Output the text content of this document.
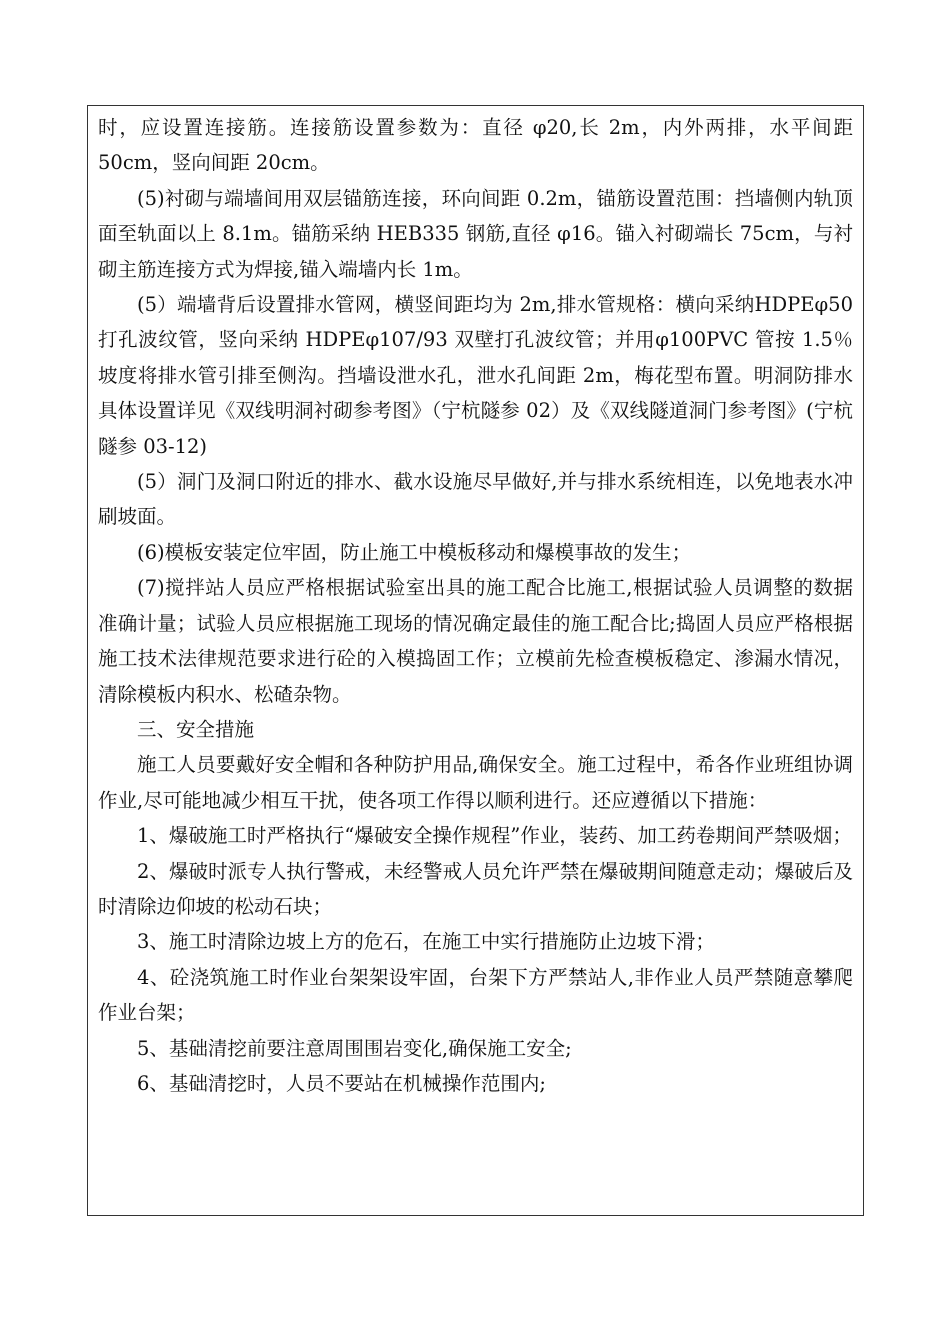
时，应设置连接筋。连接筋设置参数为：直径 φ20,长 2m，内外两排，水平间距 50cm，竖向间距 20cm。

(5)衬砌与端墙间用双层锚筋连接，环向间距 0.2m，锚筋设置范围：挡墙侧内轨顶面至轨面以上 8.1m。锚筋采纳 HEB335 钢筋,直径 φ16。锚入衬砌端长 75cm，与衬砌主筋连接方式为焊接,锚入端墙内长 1m。

(5）端墙背后设置排水管网，横竖间距均为 2m,排水管规格：横向采纳HDPEφ50 打孔波纹管，竖向采纳 HDPEφ107/93 双壁打孔波纹管；并用φ100PVC 管按 1.5％坡度将排水管引排至侧沟。挡墙设泄水孔，泄水孔间距 2m，梅花型布置。明洞防排水具体设置详见《双线明洞衬砌参考图》（宁杭隧参 02）及《双线隧道洞门参考图》(宁杭隧参 03-12)

(5）洞门及洞口附近的排水、截水设施尽早做好,并与排水系统相连，以免地表水冲刷坡面。

(6)模板安装定位牢固，防止施工中模板移动和爆模事故的发生；

(7)搅拌站人员应严格根据试验室出具的施工配合比施工,根据试验人员调整的数据准确计量；试验人员应根据施工现场的情况确定最佳的施工配合比;捣固人员应严格根据施工技术法律规范要求进行砼的入模捣固工作；立模前先检查模板稳定、渗漏水情况，清除模板内积水、松碴杂物。

三、安全措施

施工人员要戴好安全帽和各种防护用品,确保安全。施工过程中，希各作业班组协调作业,尽可能地减少相互干扰，使各项工作得以顺利进行。还应遵循以下措施：

1、爆破施工时严格执行“爆破安全操作规程”作业，装药、加工药卷期间严禁吸烟；

2、爆破时派专人执行警戒，未经警戒人员允许严禁在爆破期间随意走动；爆破后及时清除边仰坡的松动石块；

3、施工时清除边坡上方的危石，在施工中实行措施防止边坡下滑；

4、砼浇筑施工时作业台架架设牢固，台架下方严禁站人,非作业人员严禁随意攀爬作业台架；

5、基础清挖前要注意周围围岩变化,确保施工安全;

6、基础清挖时，人员不要站在机械操作范围内;
